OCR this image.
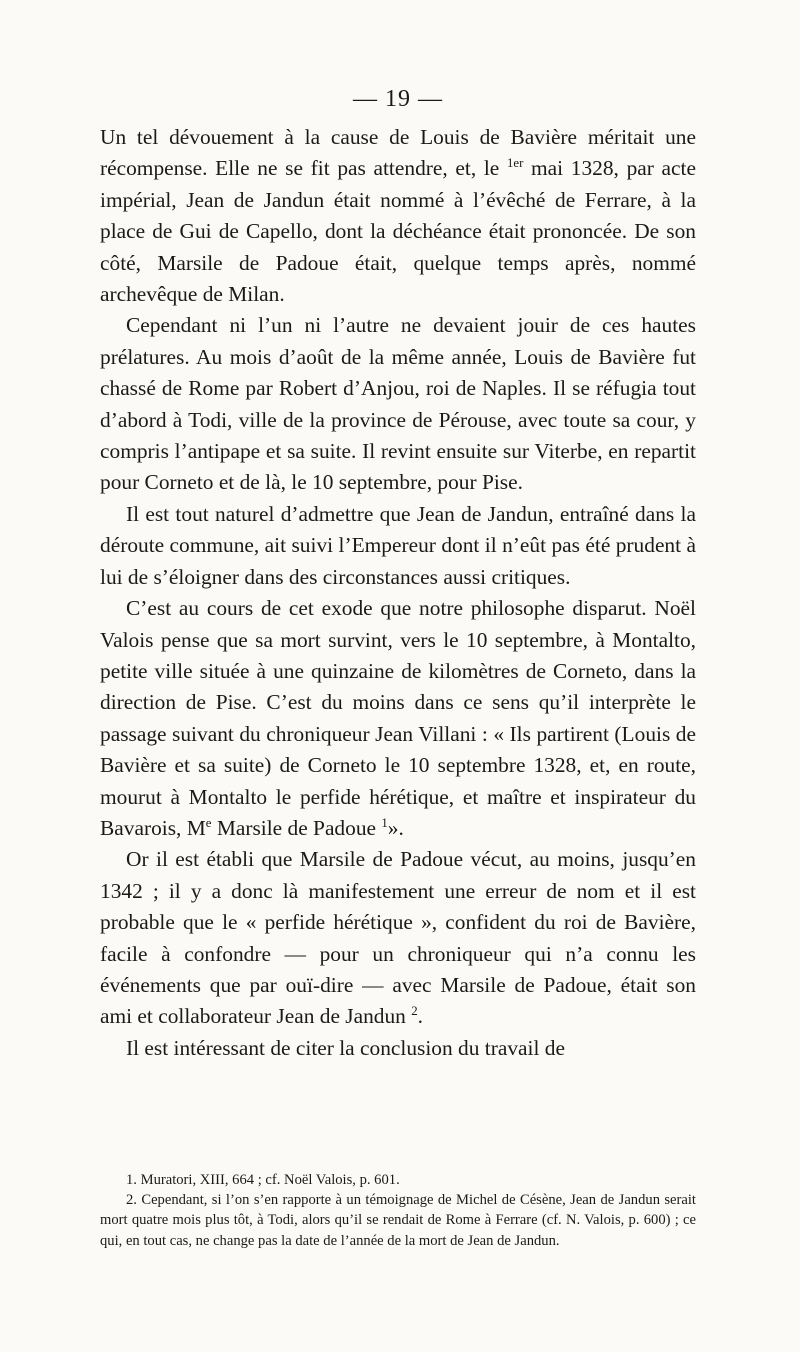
— 19 —

Un tel dévouement à la cause de Louis de Bavière méritait une récompense. Elle ne se fit pas attendre, et, le $^{1er}$ mai 1328, par acte impérial, Jean de Jandun était nommé à l’évêché de Ferrare, à la place de Gui de Capello, dont la déchéance était prononcée. De son côté, Marsile de Padoue était, quelque temps après, nommé archevêque de Milan.

Cependant ni l’un ni l’autre ne devaient jouir de ces hautes prélatures. Au mois d’août de la même année, Louis de Bavière fut chassé de Rome par Robert d’Anjou, roi de Naples. Il se réfugia tout d’abord à Todi, ville de la province de Pérouse, avec toute sa cour, y compris l’antipape et sa suite. Il revint ensuite sur Viterbe, en repartit pour Corneto et de là, le 10 septembre, pour Pise.

Il est tout naturel d’admettre que Jean de Jandun, entraîné dans la déroute commune, ait suivi l’Empereur dont il n’eût pas été prudent à lui de s’éloigner dans des circonstances aussi critiques.

C’est au cours de cet exode que notre philosophe disparut. Noël Valois pense que sa mort survint, vers le 10 septembre, à Montalto, petite ville située à une quinzaine de kilomètres de Corneto, dans la direction de Pise. C’est du moins dans ce sens qu’il interprète le passage suivant du chroniqueur Jean Villani : « Ils partirent (Louis de Bavière et sa suite) de Corneto le 10 septembre 1328, et, en route, mourut à Montalto le perfide hérétique, et maître et inspirateur du Bavarois, Me Marsile de Padoue $^1$».

Or il est établi que Marsile de Padoue vécut, au moins, jusqu’en 1342 ; il y a donc là manifestement une erreur de nom et il est probable que le « perfide hérétique », confident du roi de Bavière, facile à confondre — pour un chroniqueur qui n’a connu les événements que par ouï-dire — avec Marsile de Padoue, était son ami et collaborateur Jean de Jandun $^2$.

Il est intéressant de citer la conclusion du travail de

1. Muratori, XIII, 664 ; cf. Noël Valois, p. 601.

2. Cependant, si l’on s’en rapporte à un témoignage de Michel de Césène, Jean de Jandun serait mort quatre mois plus tôt, à Todi, alors qu’il se rendait de Rome à Ferrare (cf. N. Valois, p. 600) ; ce qui, en tout cas, ne change pas la date de l’année de la mort de Jean de Jandun.
